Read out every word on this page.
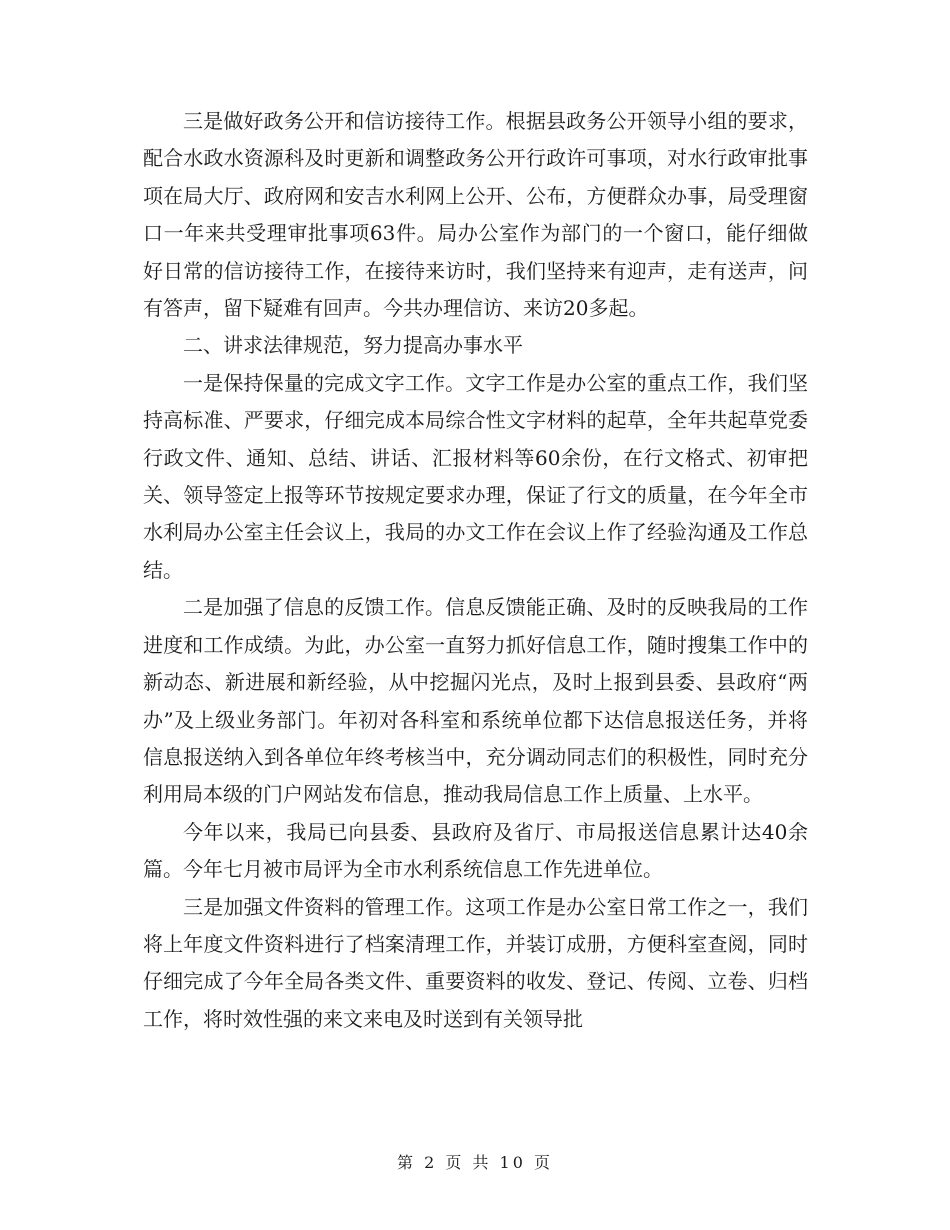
三是做好政务公开和信访接待工作。根据县政务公开领导小组的要求，配合水政水资源科及时更新和调整政务公开行政许可事项，对水行政审批事项在局大厅、政府网和安吉水利网上公开、公布，方便群众办事，局受理窗口一年来共受理审批事项63件。局办公室作为部门的一个窗口，能仔细做好日常的信访接待工作，在接待来访时，我们坚持来有迎声，走有送声，问有答声，留下疑难有回声。今共办理信访、来访20多起。

二、讲求法律规范，努力提高办事水平

一是保持保量的完成文字工作。文字工作是办公室的重点工作，我们坚持高标准、严要求，仔细完成本局综合性文字材料的起草，全年共起草党委行政文件、通知、总结、讲话、汇报材料等60余份，在行文格式、初审把关、领导签定上报等环节按规定要求办理，保证了行文的质量，在今年全市水利局办公室主任会议上，我局的办文工作在会议上作了经验沟通及工作总结。

二是加强了信息的反馈工作。信息反馈能正确、及时的反映我局的工作进度和工作成绩。为此，办公室一直努力抓好信息工作，随时搜集工作中的新动态、新进展和新经验，从中挖掘闪光点，及时上报到县委、县政府“两办”及上级业务部门。年初对各科室和系统单位都下达信息报送任务，并将信息报送纳入到各单位年终考核当中，充分调动同志们的积极性，同时充分利用局本级的门户网站发布信息，推动我局信息工作上质量、上水平。

今年以来，我局已向县委、县政府及省厅、市局报送信息累计达40余篇。今年七月被市局评为全市水利系统信息工作先进单位。

三是加强文件资料的管理工作。这项工作是办公室日常工作之一，我们将上年度文件资料进行了档案清理工作，并装订成册，方便科室查阅，同时仔细完成了今年全局各类文件、重要资料的收发、登记、传阅、立卷、归档工作，将时效性强的来文来电及时送到有关领导批

第 2 页 共 10 页
